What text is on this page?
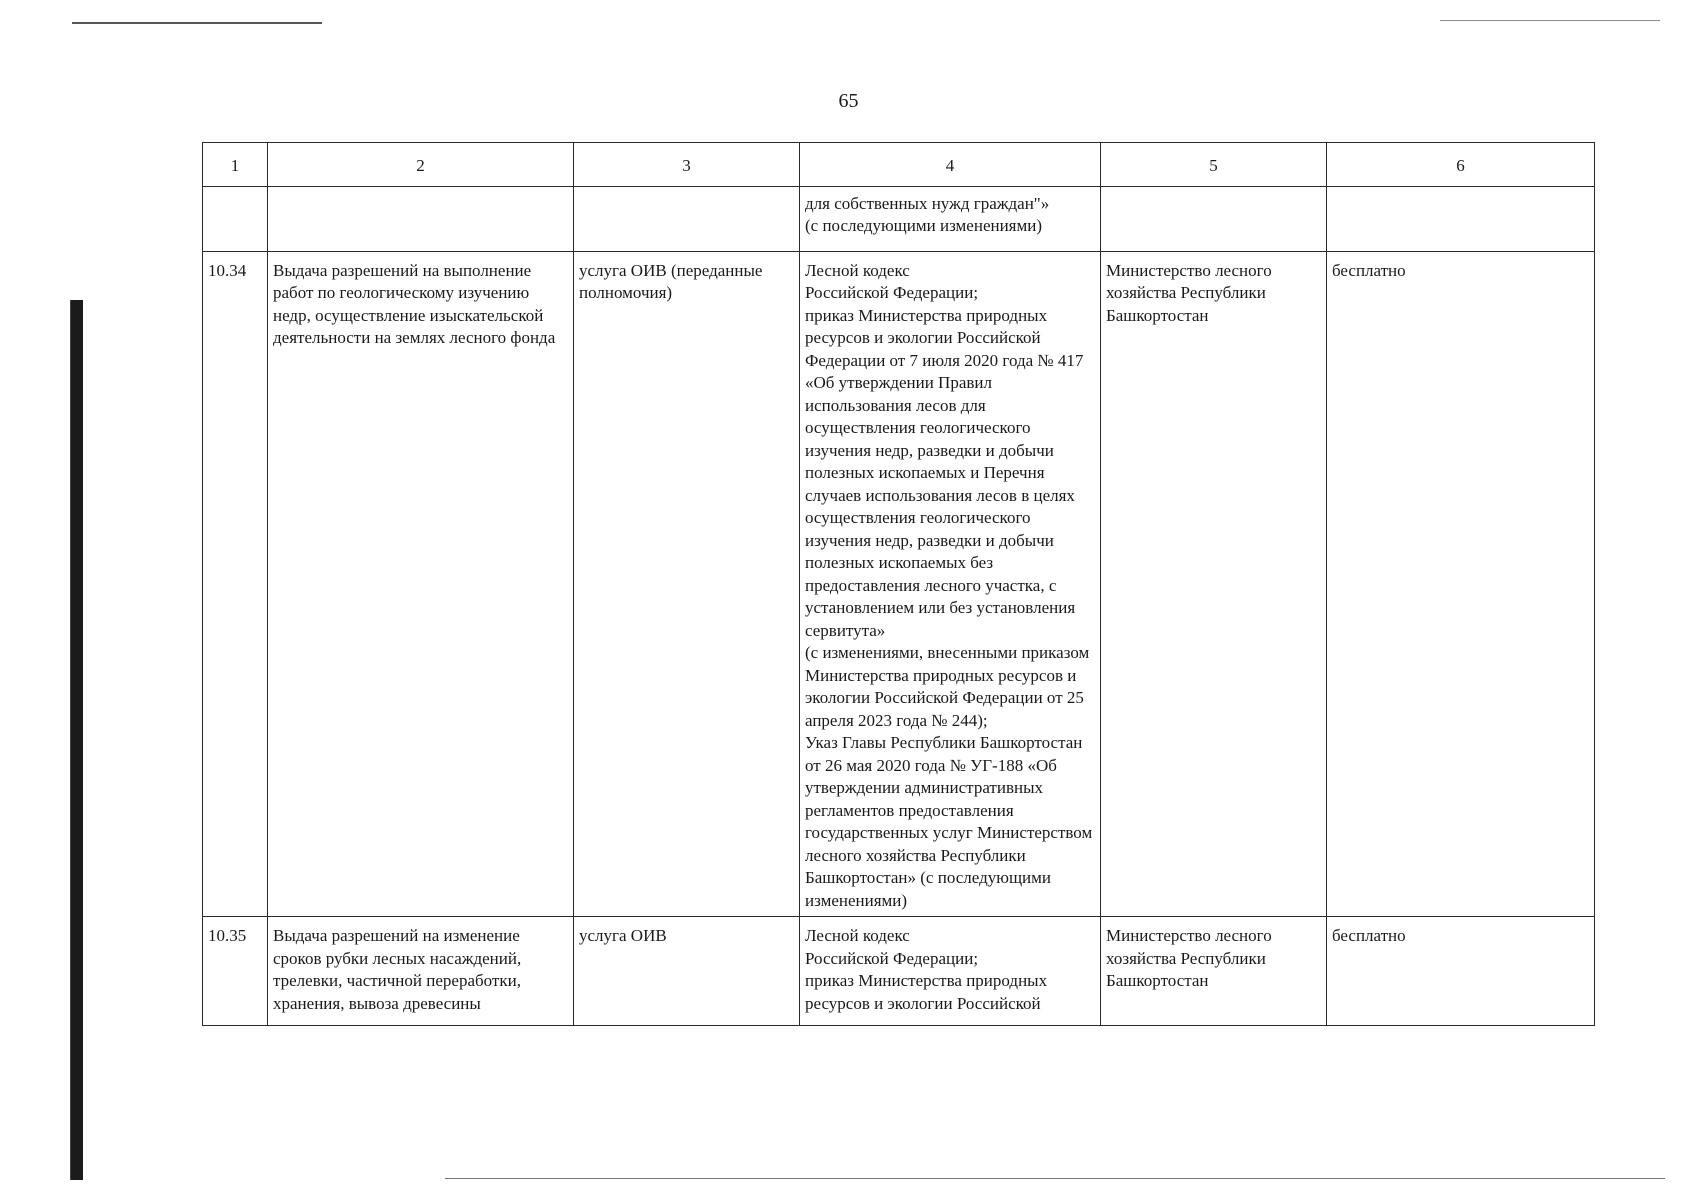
65
1	2	3	4	5	6
			для собственных нужд граждан"»
(с последующими изменениями)		
10.34	Выдача разрешений на выполнение работ по геологическому изучению недр, осуществление изыскательской деятельности на землях лесного фонда	услуга ОИВ (переданные полномочия)	Лесной кодекс
Российской Федерации;
приказ Министерства природных ресурсов и экологии Российской Федерации от 7 июля 2020 года № 417 «Об утверждении Правил использования лесов для осуществления геологического изучения недр, разведки и добычи полезных ископаемых и Перечня случаев использования лесов в целях осуществления геологического изучения недр, разведки и добычи полезных ископаемых без предоставления лесного участка, с установлением или без установления сервитута»
(с изменениями, внесенными приказом Министерства природных ресурсов и экологии Российской Федерации от 25 апреля 2023 года № 244);
Указ Главы Республики Башкортостан от 26 мая 2020 года № УГ-188 «Об утверждении административных регламентов предоставления государственных услуг Министерством лесного хозяйства Республики Башкортостан» (с последующими изменениями)	Министерство лесного хозяйства Республики Башкортостан	бесплатно
10.35	Выдача разрешений на изменение сроков рубки лесных насаждений, трелевки, частичной переработки, хранения, вывоза древесины	услуга ОИВ	Лесной кодекс
Российской Федерации;
приказ Министерства природных ресурсов и экологии Российской	Министерство лесного хозяйства Республики Башкортостан	бесплатно
